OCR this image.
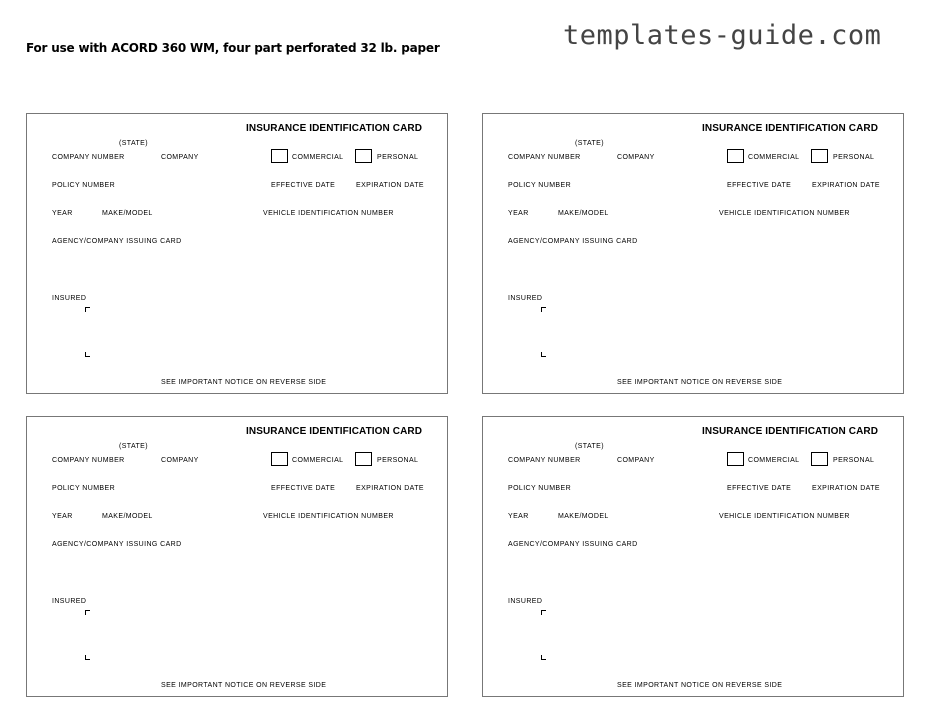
For use with ACORD 360 WM, four part perforated 32 lb. paper	templates-guide.com
INSURANCE IDENTIFICATION CARD
(STATE)
COMPANY NUMBER	COMPANY	COMMERCIAL	PERSONAL
POLICY NUMBER	EFFECTIVE DATE	EXPIRATION DATE
YEAR	MAKE/MODEL	VEHICLE IDENTIFICATION NUMBER
AGENCY/COMPANY ISSUING CARD
INSURED
SEE IMPORTANT NOTICE ON REVERSE SIDE
INSURANCE IDENTIFICATION CARD
(STATE)
COMPANY NUMBER	COMPANY	COMMERCIAL	PERSONAL
POLICY NUMBER	EFFECTIVE DATE	EXPIRATION DATE
YEAR	MAKE/MODEL	VEHICLE IDENTIFICATION NUMBER
AGENCY/COMPANY ISSUING CARD
INSURED
SEE IMPORTANT NOTICE ON REVERSE SIDE
INSURANCE IDENTIFICATION CARD
(STATE)
COMPANY NUMBER	COMPANY	COMMERCIAL	PERSONAL
POLICY NUMBER	EFFECTIVE DATE	EXPIRATION DATE
YEAR	MAKE/MODEL	VEHICLE IDENTIFICATION NUMBER
AGENCY/COMPANY ISSUING CARD
INSURED
SEE IMPORTANT NOTICE ON REVERSE SIDE
INSURANCE IDENTIFICATION CARD
(STATE)
COMPANY NUMBER	COMPANY	COMMERCIAL	PERSONAL
POLICY NUMBER	EFFECTIVE DATE	EXPIRATION DATE
YEAR	MAKE/MODEL	VEHICLE IDENTIFICATION NUMBER
AGENCY/COMPANY ISSUING CARD
INSURED
SEE IMPORTANT NOTICE ON REVERSE SIDE
